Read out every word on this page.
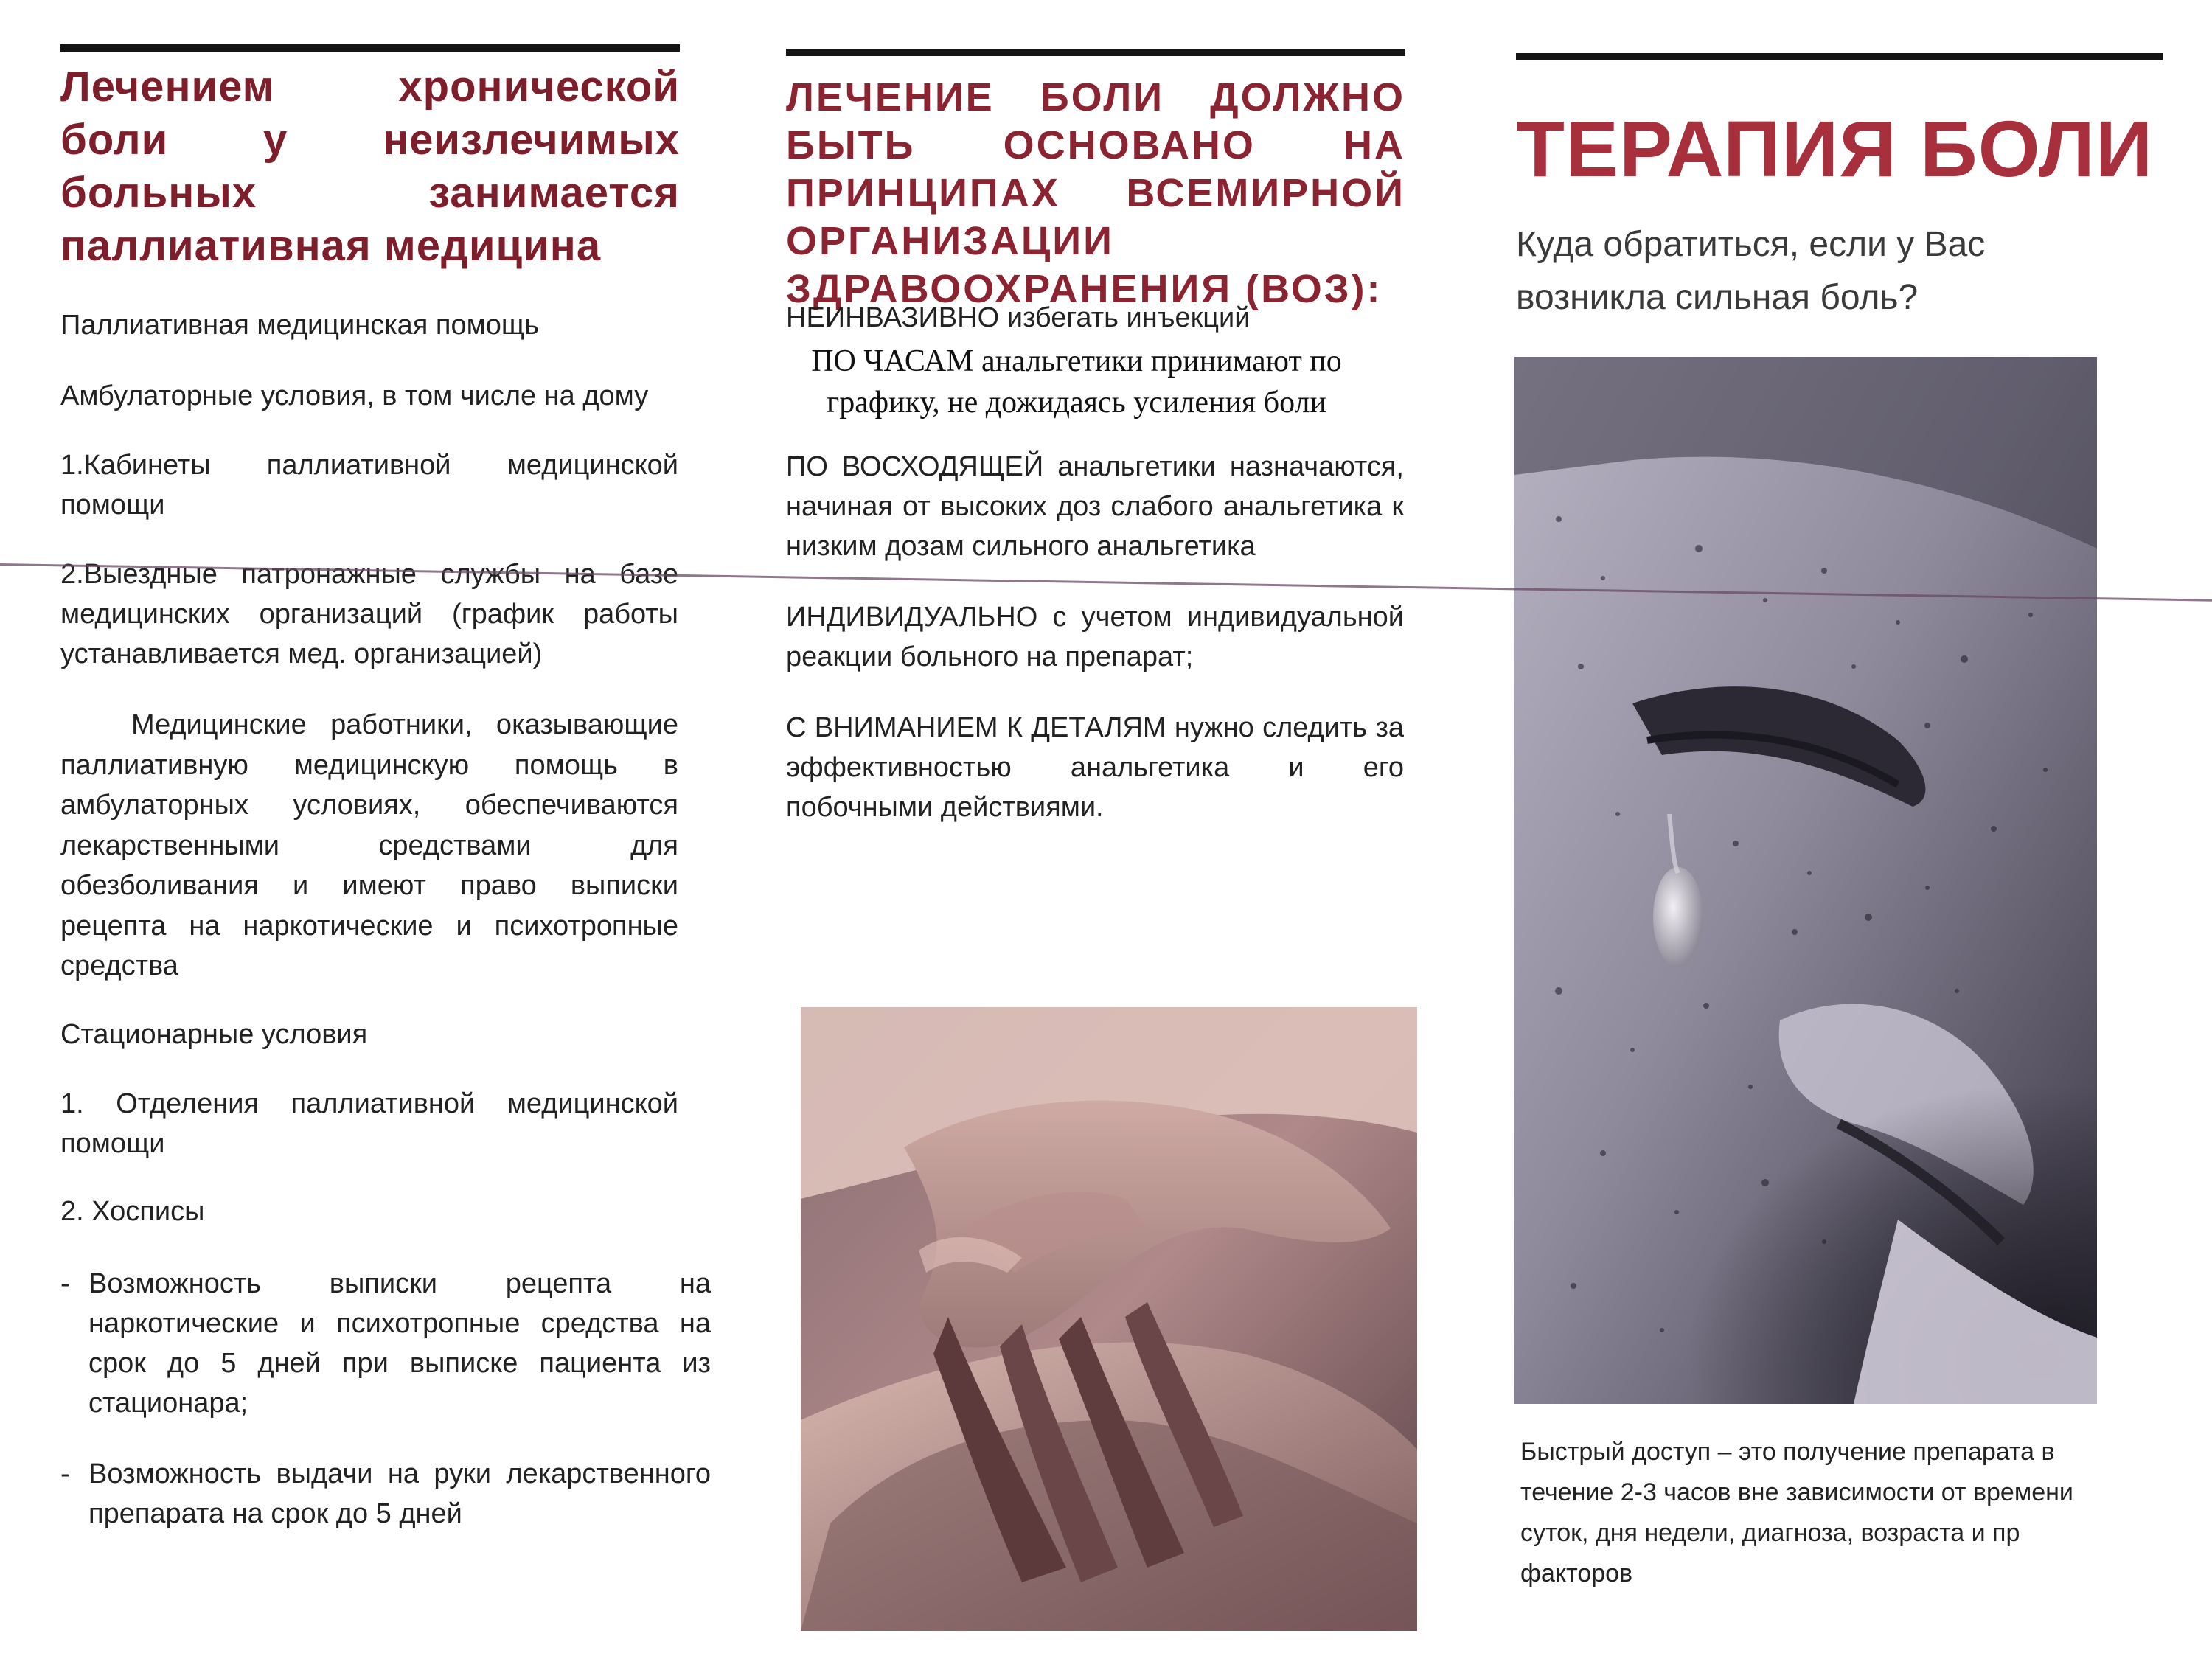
Лечением хронической боли у неизлечимых больных занимается паллиативная медицина
Паллиативная медицинская помощь
Амбулаторные условия, в том числе на дому
1.Кабинеты паллиативной медицинской помощи
2.Выездные патронажные службы на базе медицинских организаций (график работы устанавливается мед. организацией)
Медицинские работники, оказывающие паллиативную медицинскую помощь в амбулаторных условиях, обеспечиваются лекарственными средствами для обезболивания и имеют право выписки рецепта на наркотические и психотропные средства
Стационарные условия
1. Отделения паллиативной медицинской помощи
2. Хосписы
- Возможность выписки рецепта на наркотические и психотропные средства на срок до 5 дней при выписке пациента из стационара;
- Возможность выдачи на руки лекарственного препарата на срок до 5 дней
ЛЕЧЕНИЕ БОЛИ ДОЛЖНО БЫТЬ ОСНОВАНО НА ПРИНЦИПАХ ВСЕМИРНОЙ ОРГАНИЗАЦИИ ЗДРАВООХРАНЕНИЯ (ВОЗ):
НЕИНВАЗИВНО избегать инъекций
ПО ЧАСАМ анальгетики принимают по графику, не дожидаясь усиления боли
ПО ВОСХОДЯЩЕЙ анальгетики назначаются, начиная от высоких доз слабого анальгетика к низким дозам сильного анальгетика
ИНДИВИДУАЛЬНО с учетом индивидуальной реакции больного на препарат;
С ВНИМАНИЕМ К ДЕТАЛЯМ нужно следить за эффективностью анальгетика и его побочными действиями.
ТЕРАПИЯ БОЛИ
Куда обратиться, если у Вас возникла сильная боль?
Быстрый доступ – это получение препарата в течение 2-3 часов вне зависимости от времени суток, дня недели, диагноза, возраста и пр факторов
